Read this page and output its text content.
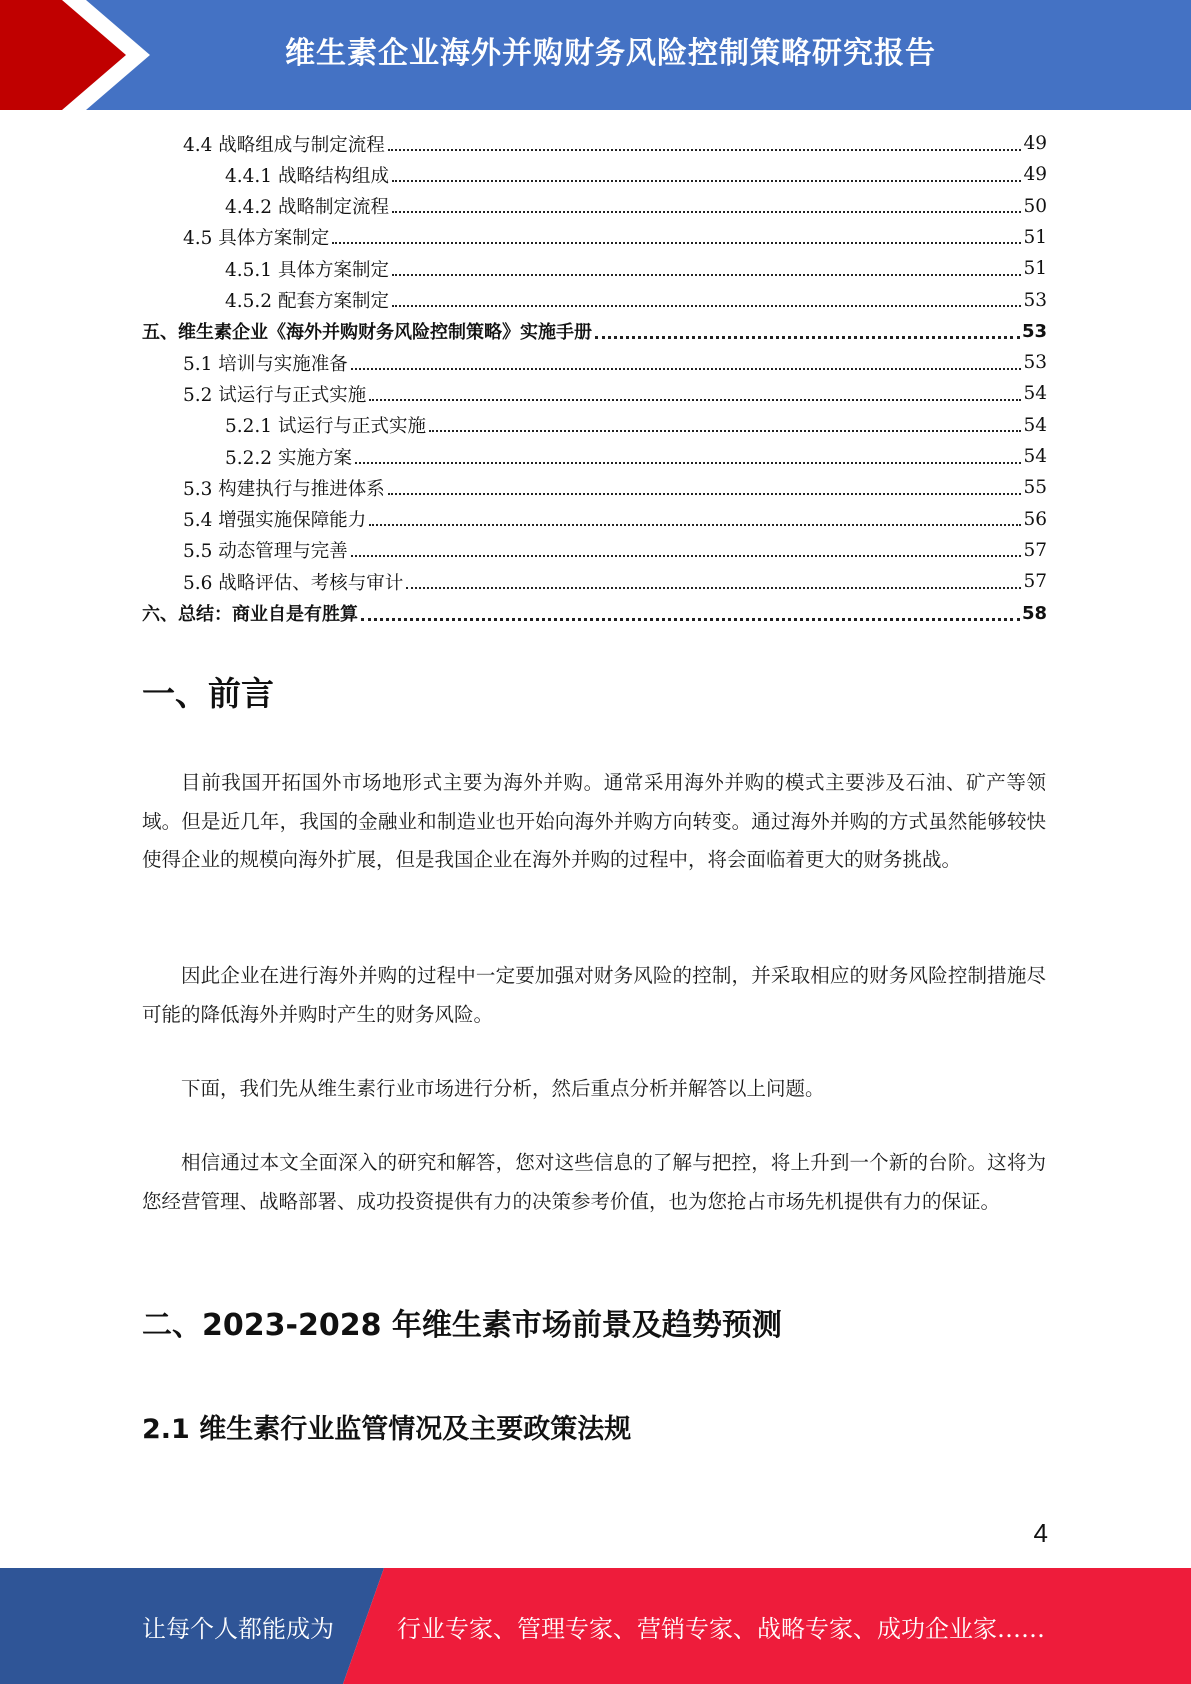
维生素企业海外并购财务风险控制策略研究报告
4.4 战略组成与制定流程	49
4.4.1 战略结构组成	49
4.4.2 战略制定流程	50
4.5 具体方案制定	51
4.5.1 具体方案制定	51
4.5.2 配套方案制定	53
五、维生素企业《海外并购财务风险控制策略》实施手册	53
5.1 培训与实施准备	53
5.2 试运行与正式实施	54
5.2.1 试运行与正式实施	54
5.2.2 实施方案	54
5.3 构建执行与推进体系	55
5.4 增强实施保障能力	56
5.5 动态管理与完善	57
5.6 战略评估、考核与审计	57
六、总结：商业自是有胜算	58
一、前言

目前我国开拓国外市场地形式主要为海外并购。通常采用海外并购的模式主要涉及石油、矿产等领域。但是近几年，我国的金融业和制造业也开始向海外并购方向转变。通过海外并购的方式虽然能够较快使得企业的规模向海外扩展，但是我国企业在海外并购的过程中，将会面临着更大的财务挑战。

因此企业在进行海外并购的过程中一定要加强对财务风险的控制，并采取相应的财务风险控制措施尽可能的降低海外并购时产生的财务风险。

下面，我们先从维生素行业市场进行分析，然后重点分析并解答以上问题。

相信通过本文全面深入的研究和解答，您对这些信息的了解与把控，将上升到一个新的台阶。这将为您经营管理、战略部署、成功投资提供有力的决策参考价值，也为您抢占市场先机提供有力的保证。

二、2023-2028 年维生素市场前景及趋势预测
2.1 维生素行业监管情况及主要政策法规
4
让每个人都能成为	行业专家、管理专家、营销专家、战略专家、成功企业家……
